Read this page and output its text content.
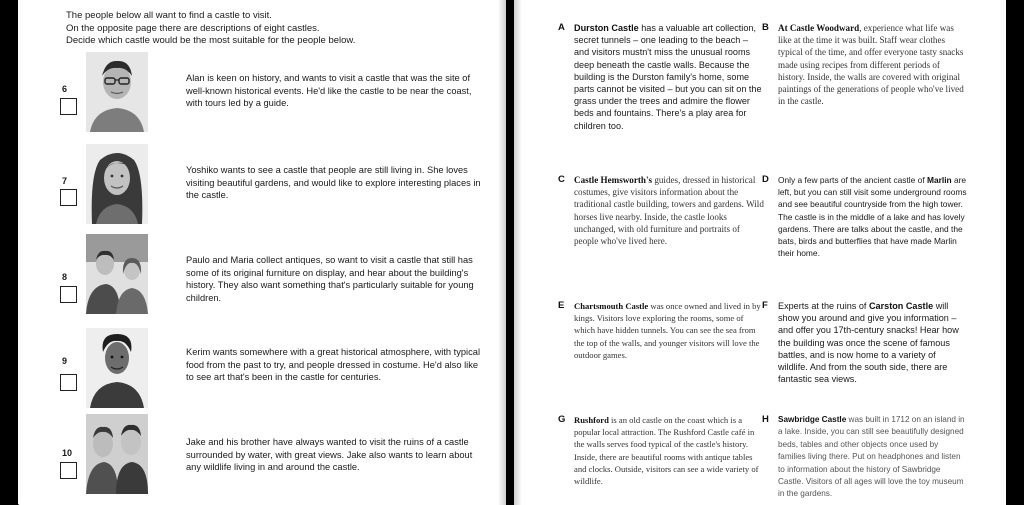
The people below all want to find a castle to visit.
On the opposite page there are descriptions of eight castles.
Decide which castle would be the most suitable for the people below.
6
Alan is keen on history, and wants to visit a castle that was the site of well-known historical events. He'd like the castle to be near the coast, with tours led by a guide.
7
Yoshiko wants to see a castle that people are still living in. She loves visiting beautiful gardens, and would like to explore interesting places in the castle.
8
Paulo and Maria collect antiques, so want to visit a castle that still has some of its original furniture on display, and hear about the building's history. They also want something that's particularly suitable for young children.
9
Kerim wants somewhere with a great historical atmosphere, with typical food from the past to try, and people dressed in costume. He'd also like to see art that's been in the castle for centuries.
10
Jake and his brother have always wanted to visit the ruins of a castle surrounded by water, with great views. Jake also wants to learn about any wildlife living in and around the castle.
A Durston Castle has a valuable art collection, secret tunnels – one leading to the beach – and visitors mustn't miss the unusual rooms deep beneath the castle walls. Because the building is the Durston family's home, some parts cannot be visited – but you can sit on the grass under the trees and admire the flower beds and fountains. There's a play area for children too.
B At Castle Woodward, experience what life was like at the time it was built. Staff wear clothes typical of the time, and offer everyone tasty snacks made using recipes from different periods of history. Inside, the walls are covered with original paintings of the generations of people who've lived in the castle.
C Castle Hemsworth's guides, dressed in historical costumes, give visitors information about the traditional castle building, towers and gardens. Wild horses live nearby. Inside, the castle looks unchanged, with old furniture and portraits of people who've lived here.
D Only a few parts of the ancient castle of Marlin are left, but you can still visit some underground rooms and see beautiful countryside from the high tower. The castle is in the middle of a lake and has lovely gardens. There are talks about the castle, and the bats, birds and butterflies that have made Marlin their home.
E Chartsmouth Castle was once owned and lived in by kings. Visitors love exploring the rooms, some of which have hidden tunnels. You can see the sea from the top of the walls, and younger visitors will love the outdoor games.
F Experts at the ruins of Carston Castle will show you around and give you information – and offer you 17th-century snacks! Hear how the building was once the scene of famous battles, and is now home to a variety of wildlife. And from the south side, there are fantastic sea views.
G Rushford is an old castle on the coast which is a popular local attraction. The Rushford Castle café in the walls serves food typical of the castle's history. Inside, there are beautiful rooms with antique tables and clocks. Outside, visitors can see a wide variety of wildlife.
H Sawbridge Castle was built in 1712 on an island in a lake. Inside, you can still see beautifully designed beds, tables and other objects once used by families living there. Put on headphones and listen to information about the history of Sawbridge Castle. Visitors of all ages will love the toy museum in the gardens.
